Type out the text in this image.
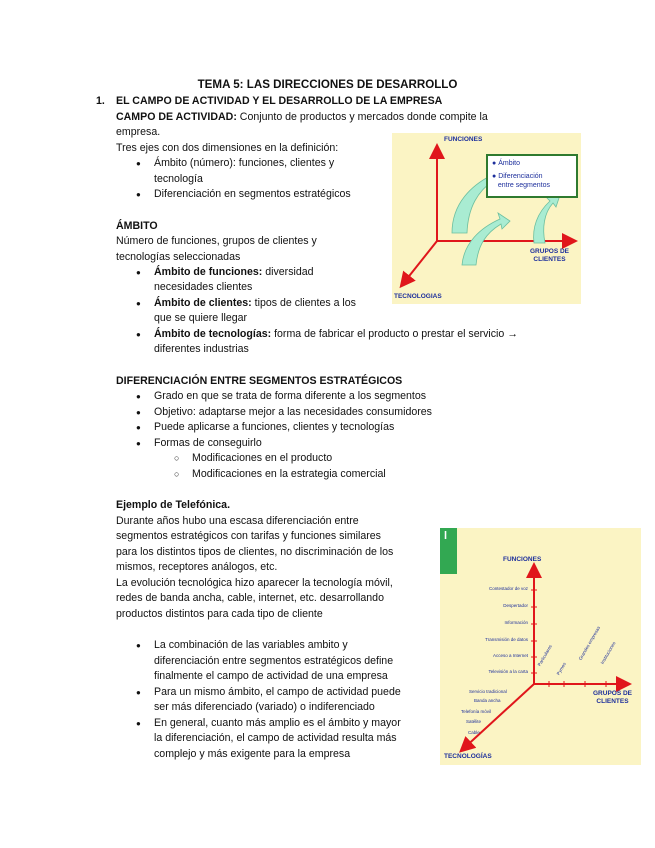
TEMA 5: LAS DIRECCIONES DE DESARROLLO
1. EL CAMPO DE ACTIVIDAD Y EL DESARROLLO DE LA EMPRESA
CAMPO DE ACTIVIDAD: Conjunto de productos y mercados donde compite la
empresa.
Tres ejes con dos dimensiones en la definición:
● Ámbito (número): funciones, clientes y
tecnología
● Diferenciación en segmentos estratégicos
ÁMBITO
Número de funciones, grupos de clientes y
tecnologías seleccionadas
● Ámbito de funciones: diversidad
necesidades clientes
● Ámbito de clientes: tipos de clientes a los
que se quiere llegar
● Ámbito de tecnologías: forma de fabricar el producto o prestar el servicio →
diferentes industrias
DIFERENCIACIÓN ENTRE SEGMENTOS ESTRATÉGICOS
● Grado en que se trata de forma diferente a los segmentos
● Objetivo: adaptarse mejor a las necesidades consumidores
● Puede aplicarse a funciones, clientes y tecnologías
● Formas de conseguirlo
○ Modificaciones en el producto
○ Modificaciones en la estrategia comercial
Ejemplo de Telefónica.
Durante años hubo una escasa diferenciación entre
segmentos estratégicos con tarifas y funciones similares
para los distintos tipos de clientes, no discriminación de los
mismos, receptores análogos, etc.
La evolución tecnológica hizo aparecer la tecnología móvil,
redes de banda ancha, cable, internet, etc. desarrollando
productos distintos para cada tipo de cliente
● La combinación de las variables ambito y
diferenciación entre segmentos estratégicos define
finalmente el campo de actividad de una empresa
● Para un mismo ámbito, el campo de actividad puede
ser más diferenciado (variado) o indiferenciado
● En general, cuanto más amplio es el ámbito y mayor
la diferenciación, el campo de actividad resulta más
complejo y más exigente para la empresa
FUNCIONES
● Ámbito
● Diferenciación
entre segmentos
GRUPOS DE
CLIENTES
TECNOLOGIAS
l
FUNCIONES
Contestador de voz
Despertador
Información
Transmisión de datos
Acceso a Internet
Televisión a la carta
Servicio tradicional
Banda ancha
Telefonía móvil
Satélite
Cable
Particulares
Pymes
Grandes empresas
Instituciones
GRUPOS DE
CLIENTES
TECNOLOGÍAS
